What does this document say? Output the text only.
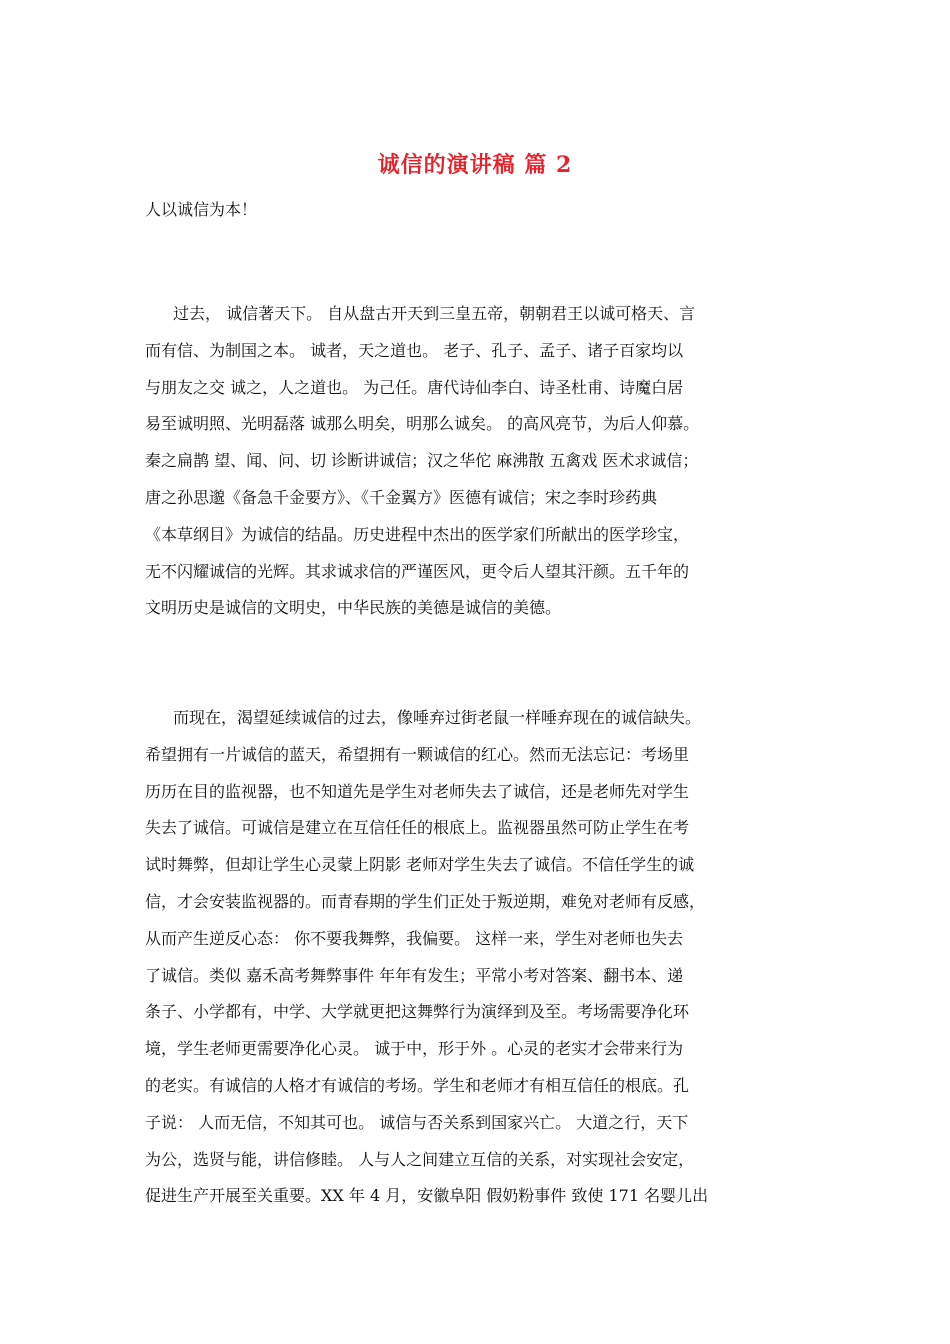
诚信的演讲稿 篇 2
人以诚信为本！
过去， 诚信著天下。 自从盘古开天到三皇五帝，朝朝君王以诚可格天、言
而有信、为制国之本。 诚者，天之道也。 老子、孔子、孟子、诸子百家均以
与朋友之交 诚之，人之道也。 为己任。唐代诗仙李白、诗圣杜甫、诗魔白居
易至诚明照、光明磊落 诚那么明矣，明那么诚矣。 的高风亮节，为后人仰慕。
秦之扁鹊 望、闻、问、切 诊断讲诚信；汉之华佗 麻沸散 五禽戏 医术求诚信；
唐之孙思邈《备急千金要方》、《千金翼方》医德有诚信；宋之李时珍药典
《本草纲目》为诚信的结晶。历史进程中杰出的医学家们所献出的医学珍宝，
无不闪耀诚信的光辉。其求诚求信的严谨医风，更令后人望其汗颜。五千年的
文明历史是诚信的文明史，中华民族的美德是诚信的美德。
而现在，渴望延续诚信的过去，像唾弃过街老鼠一样唾弃现在的诚信缺失。
希望拥有一片诚信的蓝天，希望拥有一颗诚信的红心。然而无法忘记：考场里
历历在目的监视器，也不知道先是学生对老师失去了诚信，还是老师先对学生
失去了诚信。可诚信是建立在互信任任的根底上。监视器虽然可防止学生在考
试时舞弊，但却让学生心灵蒙上阴影 老师对学生失去了诚信。不信任学生的诚
信，才会安装监视器的。而青春期的学生们正处于叛逆期，难免对老师有反感，
从而产生逆反心态： 你不要我舞弊，我偏要。 这样一来，学生对老师也失去
了诚信。类似 嘉禾高考舞弊事件 年年有发生；平常小考对答案、翻书本、递
条子、小学都有，中学、大学就更把这舞弊行为演绎到及至。考场需要净化环
境，学生老师更需要净化心灵。 诚于中，形于外 。心灵的老实才会带来行为
的老实。有诚信的人格才有诚信的考场。学生和老师才有相互信任的根底。孔
子说： 人而无信，不知其可也。 诚信与否关系到国家兴亡。 大道之行，天下
为公，选贤与能，讲信修睦。 人与人之间建立互信的关系，对实现社会安定，
促进生产开展至关重要。XX 年 4 月，安徽阜阳 假奶粉事件 致使 171 名婴儿出
